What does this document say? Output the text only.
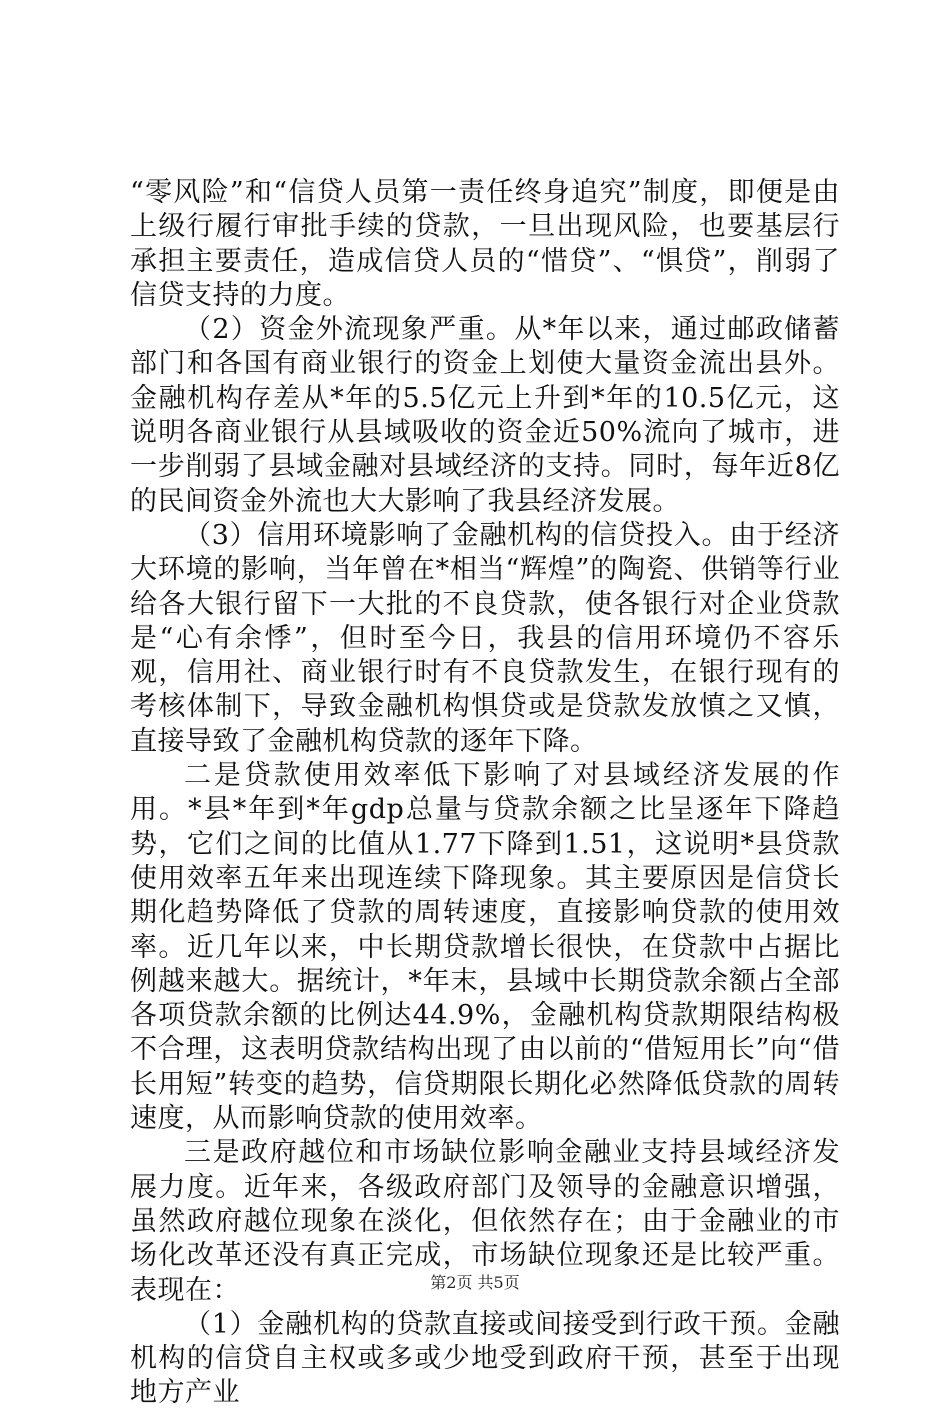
“零风险”和“信贷人员第一责任终身追究”制度，即便是由上级行履行审批手续的贷款，一旦出现风险，也要基层行承担主要责任，造成信贷人员的“惜贷”、“惧贷”，削弱了信贷支持的力度。

（2）资金外流现象严重。从*年以来，通过邮政储蓄部门和各国有商业银行的资金上划使大量资金流出县外。金融机构存差从*年的5.5亿元上升到*年的10.5亿元，这说明各商业银行从县域吸收的资金近50%流向了城市，进一步削弱了县域金融对县域经济的支持。同时，每年近8亿的民间资金外流也大大影响了我县经济发展。

（3）信用环境影响了金融机构的信贷投入。由于经济大环境的影响，当年曾在*相当“辉煌”的陶瓷、供销等行业给各大银行留下一大批的不良贷款，使各银行对企业贷款是“心有余悸”，但时至今日，我县的信用环境仍不容乐观，信用社、商业银行时有不良贷款发生，在银行现有的考核体制下，导致金融机构惧贷或是贷款发放慎之又慎，直接导致了金融机构贷款的逐年下降。

二是贷款使用效率低下影响了对县域经济发展的作用。*县*年到*年gdp总量与贷款余额之比呈逐年下降趋势，它们之间的比值从1.77下降到1.51，这说明*县贷款使用效率五年来出现连续下降现象。其主要原因是信贷长期化趋势降低了贷款的周转速度，直接影响贷款的使用效率。近几年以来，中长期贷款增长很快，在贷款中占据比例越来越大。据统计，*年末，县域中长期贷款余额占全部各项贷款余额的比例达44.9%，金融机构贷款期限结构极不合理，这表明贷款结构出现了由以前的“借短用长”向“借长用短”转变的趋势，信贷期限长期化必然降低贷款的周转速度，从而影响贷款的使用效率。

三是政府越位和市场缺位影响金融业支持县域经济发展力度。近年来，各级政府部门及领导的金融意识增强，虽然政府越位现象在淡化，但依然存在；由于金融业的市场化改革还没有真正完成，市场缺位现象还是比较严重。表现在：

（1）金融机构的贷款直接或间接受到行政干预。金融机构的信贷自主权或多或少地受到政府干预，甚至于出现地方产业

第2页 共5页
